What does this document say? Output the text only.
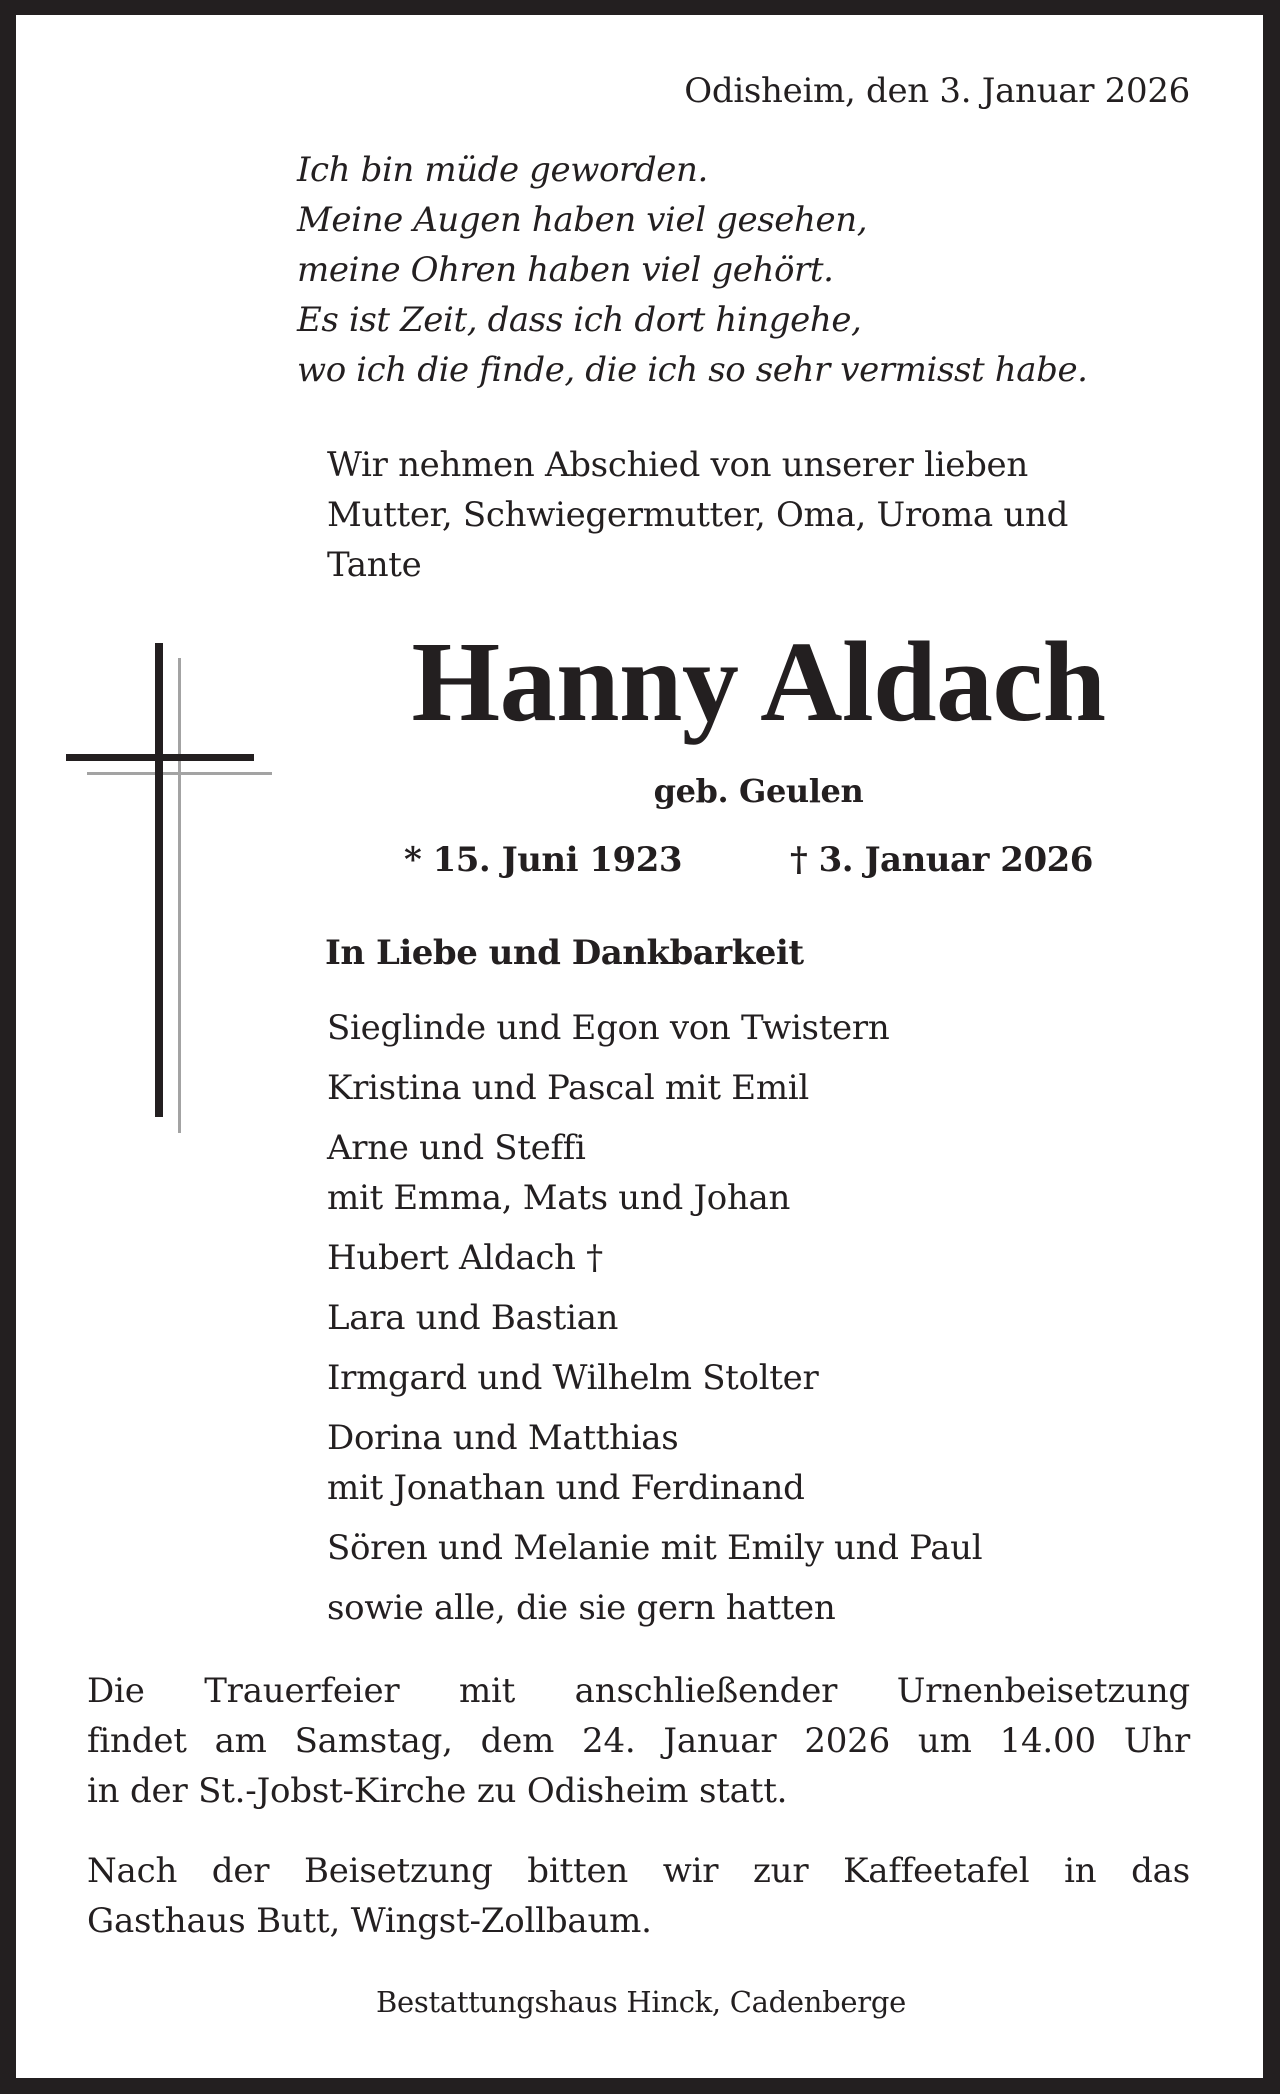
Odisheim, den 3. Januar 2026
Ich bin müde geworden.
Meine Augen haben viel gesehen,
meine Ohren haben viel gehört.
Es ist Zeit, dass ich dort hingehe,
wo ich die finde, die ich so sehr vermisst habe.
Wir nehmen Abschied von unserer lieben
Mutter, Schwiegermutter, Oma, Uroma und
Tante
Hanny Aldach
geb. Geulen
* 15. Juni 1923	† 3. Januar 2026
In Liebe und Dankbarkeit
Sieglinde und Egon von Twistern
Kristina und Pascal mit Emil
Arne und Steffi
mit Emma, Mats und Johan
Hubert Aldach †
Lara und Bastian
Irmgard und Wilhelm Stolter
Dorina und Matthias
mit Jonathan und Ferdinand
Sören und Melanie mit Emily und Paul
sowie alle, die sie gern hatten
Die Trauerfeier mit anschließender Urnenbeisetzung
findet am Samstag, dem 24. Januar 2026 um 14.00 Uhr
in der St.-Jobst-Kirche zu Odisheim statt.
Nach der Beisetzung bitten wir zur Kaffeetafel in das
Gasthaus Butt, Wingst-Zollbaum.
Bestattungshaus Hinck, Cadenberge
